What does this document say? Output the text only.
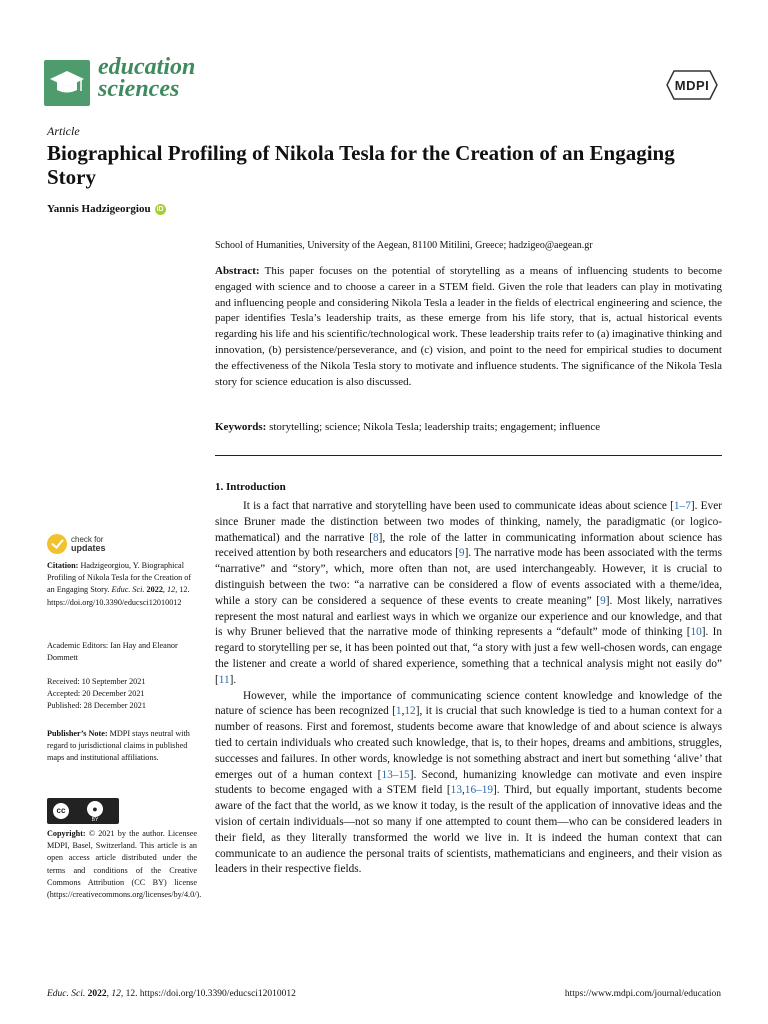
education
sciences	MDPI
Article
Biographical Profiling of Nikola Tesla for the Creation of an Engaging Story
Yannis Hadzigeorgiou iD
School of Humanities, University of the Aegean, 81100 Mitilini, Greece; hadzigeo@aegean.gr
Abstract: This paper focuses on the potential of storytelling as a means of influencing students to become engaged with science and to choose a career in a STEM field. Given the role that leaders can play in motivating and influencing people and considering Nikola Tesla a leader in the fields of electrical engineering and science, the paper identifies Tesla’s leadership traits, as these emerge from his life story, that is, actual historical events regarding his life and his scientific/technological work. These leadership traits refer to (a) imaginative thinking and innovation, (b) persistence/perseverance, and (c) vision, and point to the need for empirical studies to document the effectiveness of the Nikola Tesla story to motivate and influence students. The significance of the Nikola Tesla story for science education is also discussed.
Keywords: storytelling; science; Nikola Tesla; leadership traits; engagement; influence
1. Introduction

It is a fact that narrative and storytelling have been used to communicate ideas about science [1–7]. Ever since Bruner made the distinction between two modes of thinking, namely, the paradigmatic (or logico-mathematical) and the narrative [8], the role of the latter in communicating information about science has received attention by both researchers and educators [9]. The narrative mode has been associated with the terms “narrative” and “story”, which, more often than not, are used interchangeably. However, it is crucial to distinguish between the two: “a narrative can be considered a flow of events associated with a theme/idea, while a story can be considered a sequence of these events to create meaning” [9]. Most likely, narratives represent the most natural and earliest ways in which we organize our experience and our knowledge, and that is why Bruner believed that the narrative mode of thinking represents a “default” mode of thinking [10]. In regard to storytelling per se, it has been pointed out that, “a story with just a few well-chosen words, can engage the listener and create a world of shared experience, something that a technical analysis might not easily do” [11].

However, while the importance of communicating science content knowledge and knowledge of the nature of science has been recognized [1,12], it is crucial that such knowledge is tied to a human context for a number of reasons. First and foremost, students become aware that knowledge of and about science is always tied to certain individuals who created such knowledge, that is, to their hopes, dreams and ambitions, struggles, successes and failures. In other words, knowledge is not something abstract and inert but something ‘alive’ that emerges out of a human context [13–15]. Second, humanizing knowledge can motivate and even inspire students to become engaged with a STEM field [13,16–19]. Third, but equally important, students become aware of the fact that the world, as we know it today, is the result of the application of innovative ideas and the vision of certain individuals—not so many if one attempted to count them—who can be considered leaders in their field, as they literally transformed the world we live in. It is indeed the human context that can communicate to an audience the personal traits of scientists, mathematicians and engineers, and their vision as leaders in their respective fields.

check for
updates
Citation: Hadzigeorgiou, Y. Biographical Profiling of Nikola Tesla for the Creation of an Engaging Story. Educ. Sci. 2022, 12, 12. https://doi.org/10.3390/educsci12010012
Academic Editors: Ian Hay and Eleanor Dommett
Received: 10 September 2021
Accepted: 20 December 2021
Published: 28 December 2021
Publisher’s Note: MDPI stays neutral with regard to jurisdictional claims in published maps and institutional affiliations.
cc	●
BY
Copyright: © 2021 by the author. Licensee MDPI, Basel, Switzerland. This article is an open access article distributed under the terms and conditions of the Creative Commons Attribution (CC BY) license (https://creativecommons.org/licenses/by/4.0/).
Educ. Sci. 2022, 12, 12. https://doi.org/10.3390/educsci12010012	https://www.mdpi.com/journal/education
